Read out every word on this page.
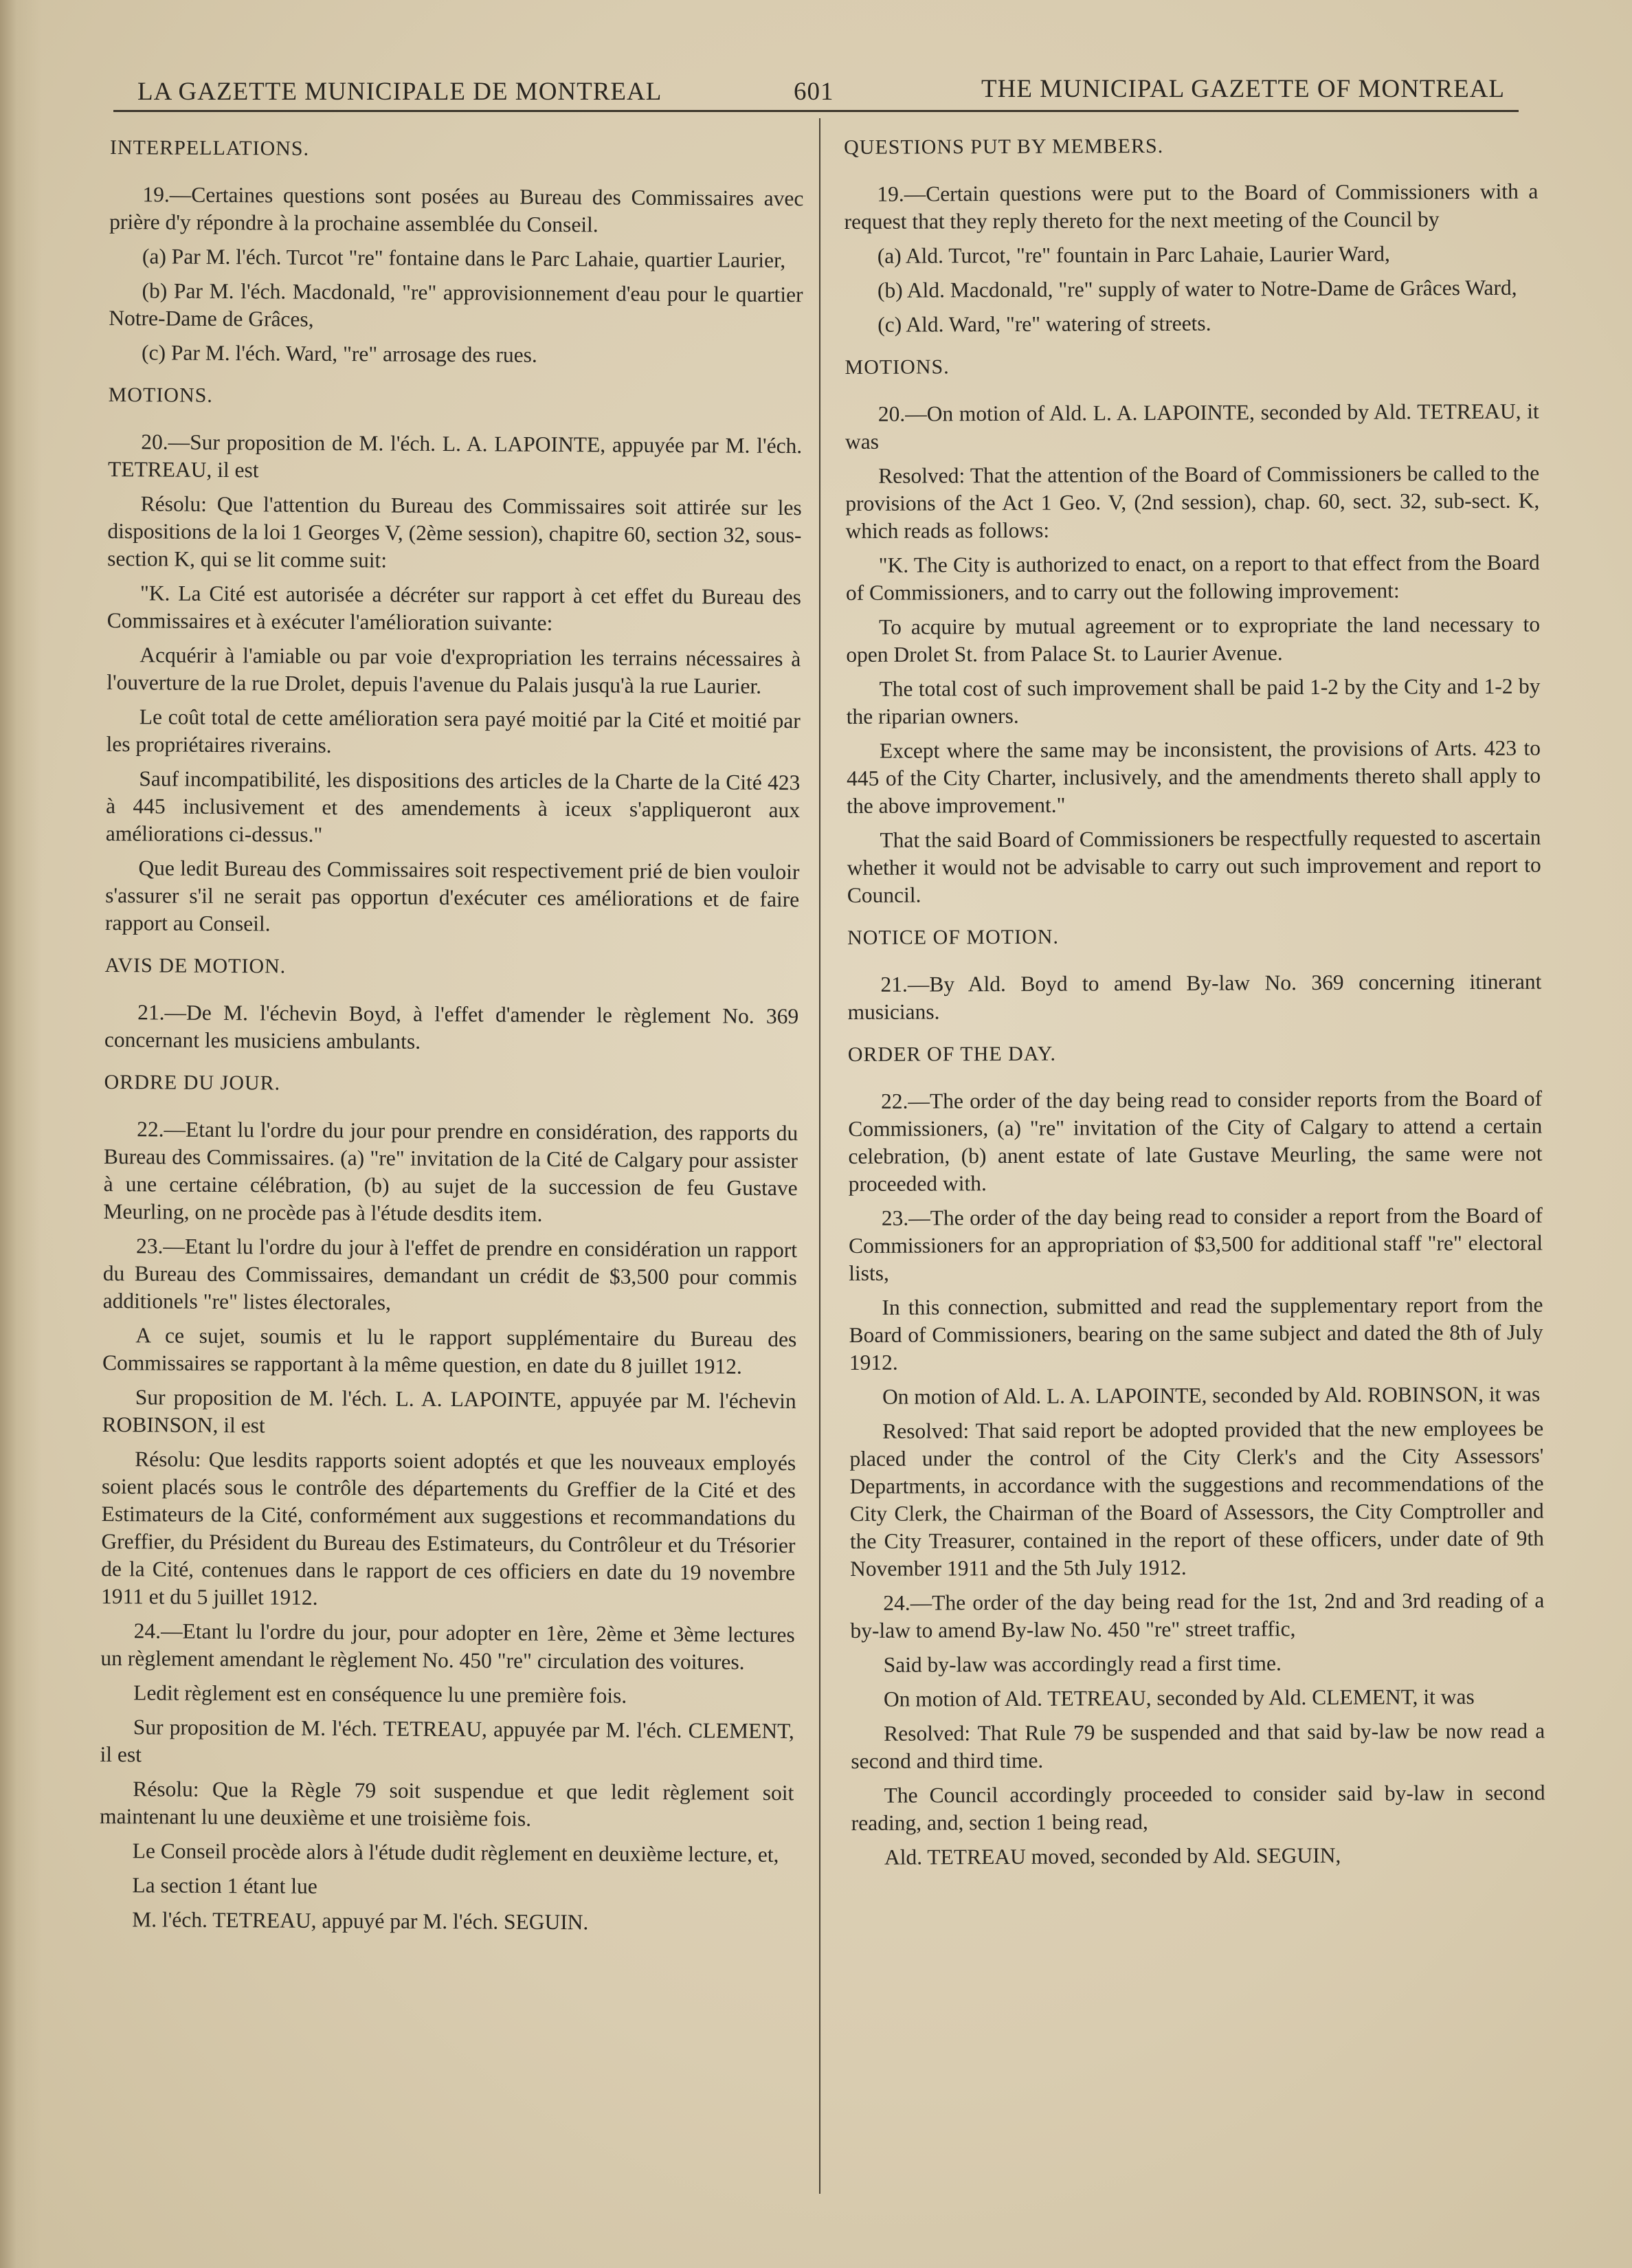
LA GAZETTE MUNICIPALE DE MONTREAL	601	THE MUNICIPAL GAZETTE OF MONTREAL
INTERPELLATIONS.

19.—Certaines questions sont posées au Bureau des Commissaires avec prière d'y répondre à la prochaine assemblée du Conseil.

(a) Par M. l'éch. Turcot "re" fontaine dans le Parc Lahaie, quartier Laurier,

(b) Par M. l'éch. Macdonald, "re" approvisionnement d'eau pour le quartier Notre-Dame de Grâces,

(c) Par M. l'éch. Ward, "re" arrosage des rues.

MOTIONS.

20.—Sur proposition de M. l'éch. L. A. LAPOINTE, appuyée par M. l'éch. TETREAU, il est

Résolu: Que l'attention du Bureau des Commissaires soit attirée sur les dispositions de la loi 1 Georges V, (2ème session), chapitre 60, section 32, sous-section K, qui se lit comme suit:

"K. La Cité est autorisée a décréter sur rapport à cet effet du Bureau des Commissaires et à exécuter l'amélioration suivante:

Acquérir à l'amiable ou par voie d'expropriation les terrains nécessaires à l'ouverture de la rue Drolet, depuis l'avenue du Palais jusqu'à la rue Laurier.

Le coût total de cette amélioration sera payé moitié par la Cité et moitié par les propriétaires riverains.

Sauf incompatibilité, les dispositions des articles de la Charte de la Cité 423 à 445 inclusivement et des amendements à iceux s'appliqueront aux améliorations ci-dessus."

Que ledit Bureau des Commissaires soit respectivement prié de bien vouloir s'assurer s'il ne serait pas opportun d'exécuter ces améliorations et de faire rapport au Conseil.

AVIS DE MOTION.

21.—De M. l'échevin Boyd, à l'effet d'amender le règlement No. 369 concernant les musiciens ambulants.

ORDRE DU JOUR.

22.—Etant lu l'ordre du jour pour prendre en considération, des rapports du Bureau des Commissaires. (a) "re" invitation de la Cité de Calgary pour assister à une certaine célébration, (b) au sujet de la succession de feu Gustave Meurling, on ne procède pas à l'étude desdits item.

23.—Etant lu l'ordre du jour à l'effet de prendre en considération un rapport du Bureau des Commissaires, demandant un crédit de $3,500 pour commis additionels "re" listes électorales,

A ce sujet, soumis et lu le rapport supplémentaire du Bureau des Commissaires se rapportant à la même question, en date du 8 juillet 1912.

Sur proposition de M. l'éch. L. A. LAPOINTE, appuyée par M. l'échevin ROBINSON, il est

Résolu: Que lesdits rapports soient adoptés et que les nouveaux employés soient placés sous le contrôle des départements du Greffier de la Cité et des Estimateurs de la Cité, conformément aux suggestions et recommandations du Greffier, du Président du Bureau des Estimateurs, du Contrôleur et du Trésorier de la Cité, contenues dans le rapport de ces officiers en date du 19 novembre 1911 et du 5 juillet 1912.

24.—Etant lu l'ordre du jour, pour adopter en 1ère, 2ème et 3ème lectures un règlement amendant le règlement No. 450 "re" circulation des voitures.

Ledit règlement est en conséquence lu une première fois.

Sur proposition de M. l'éch. TETREAU, appuyée par M. l'éch. CLEMENT, il est

Résolu: Que la Règle 79 soit suspendue et que ledit règlement soit maintenant lu une deuxième et une troisième fois.

Le Conseil procède alors à l'étude dudit règlement en deuxième lecture, et,

La section 1 étant lue

M. l'éch. TETREAU, appuyé par M. l'éch. SEGUIN.

QUESTIONS PUT BY MEMBERS.

19.—Certain questions were put to the Board of Commissioners with a request that they reply thereto for the next meeting of the Council by

(a) Ald. Turcot, "re" fountain in Parc Lahaie, Laurier Ward,

(b) Ald. Macdonald, "re" supply of water to Notre-Dame de Grâces Ward,

(c) Ald. Ward, "re" watering of streets.

MOTIONS.

20.—On motion of Ald. L. A. LAPOINTE, seconded by Ald. TETREAU, it was

Resolved: That the attention of the Board of Commissioners be called to the provisions of the Act 1 Geo. V, (2nd session), chap. 60, sect. 32, sub-sect. K, which reads as follows:

"K. The City is authorized to enact, on a report to that effect from the Board of Commissioners, and to carry out the following improvement:

To acquire by mutual agreement or to expropriate the land necessary to open Drolet St. from Palace St. to Laurier Avenue.

The total cost of such improvement shall be paid 1-2 by the City and 1-2 by the riparian owners.

Except where the same may be inconsistent, the provisions of Arts. 423 to 445 of the City Charter, inclusively, and the amendments thereto shall apply to the above improvement."

That the said Board of Commissioners be respectfully requested to ascertain whether it would not be advisable to carry out such improvement and report to Council.

NOTICE OF MOTION.

21.—By Ald. Boyd to amend By-law No. 369 concerning itinerant musicians.

ORDER OF THE DAY.

22.—The order of the day being read to consider reports from the Board of Commissioners, (a) "re" invitation of the City of Calgary to attend a certain celebration, (b) anent estate of late Gustave Meurling, the same were not proceeded with.

23.—The order of the day being read to consider a report from the Board of Commissioners for an appropriation of $3,500 for additional staff "re" electoral lists,

In this connection, submitted and read the supplementary report from the Board of Commissioners, bearing on the same subject and dated the 8th of July 1912.

On motion of Ald. L. A. LAPOINTE, seconded by Ald. ROBINSON, it was

Resolved: That said report be adopted provided that the new employees be placed under the control of the City Clerk's and the City Assessors' Departments, in accordance with the suggestions and recommendations of the City Clerk, the Chairman of the Board of Assessors, the City Comptroller and the City Treasurer, contained in the report of these officers, under date of 9th November 1911 and the 5th July 1912.

24.—The order of the day being read for the 1st, 2nd and 3rd reading of a by-law to amend By-law No. 450 "re" street traffic,

Said by-law was accordingly read a first time.

On motion of Ald. TETREAU, seconded by Ald. CLEMENT, it was

Resolved: That Rule 79 be suspended and that said by-law be now read a second and third time.

The Council accordingly proceeded to consider said by-law in second reading, and, section 1 being read,

Ald. TETREAU moved, seconded by Ald. SEGUIN,
